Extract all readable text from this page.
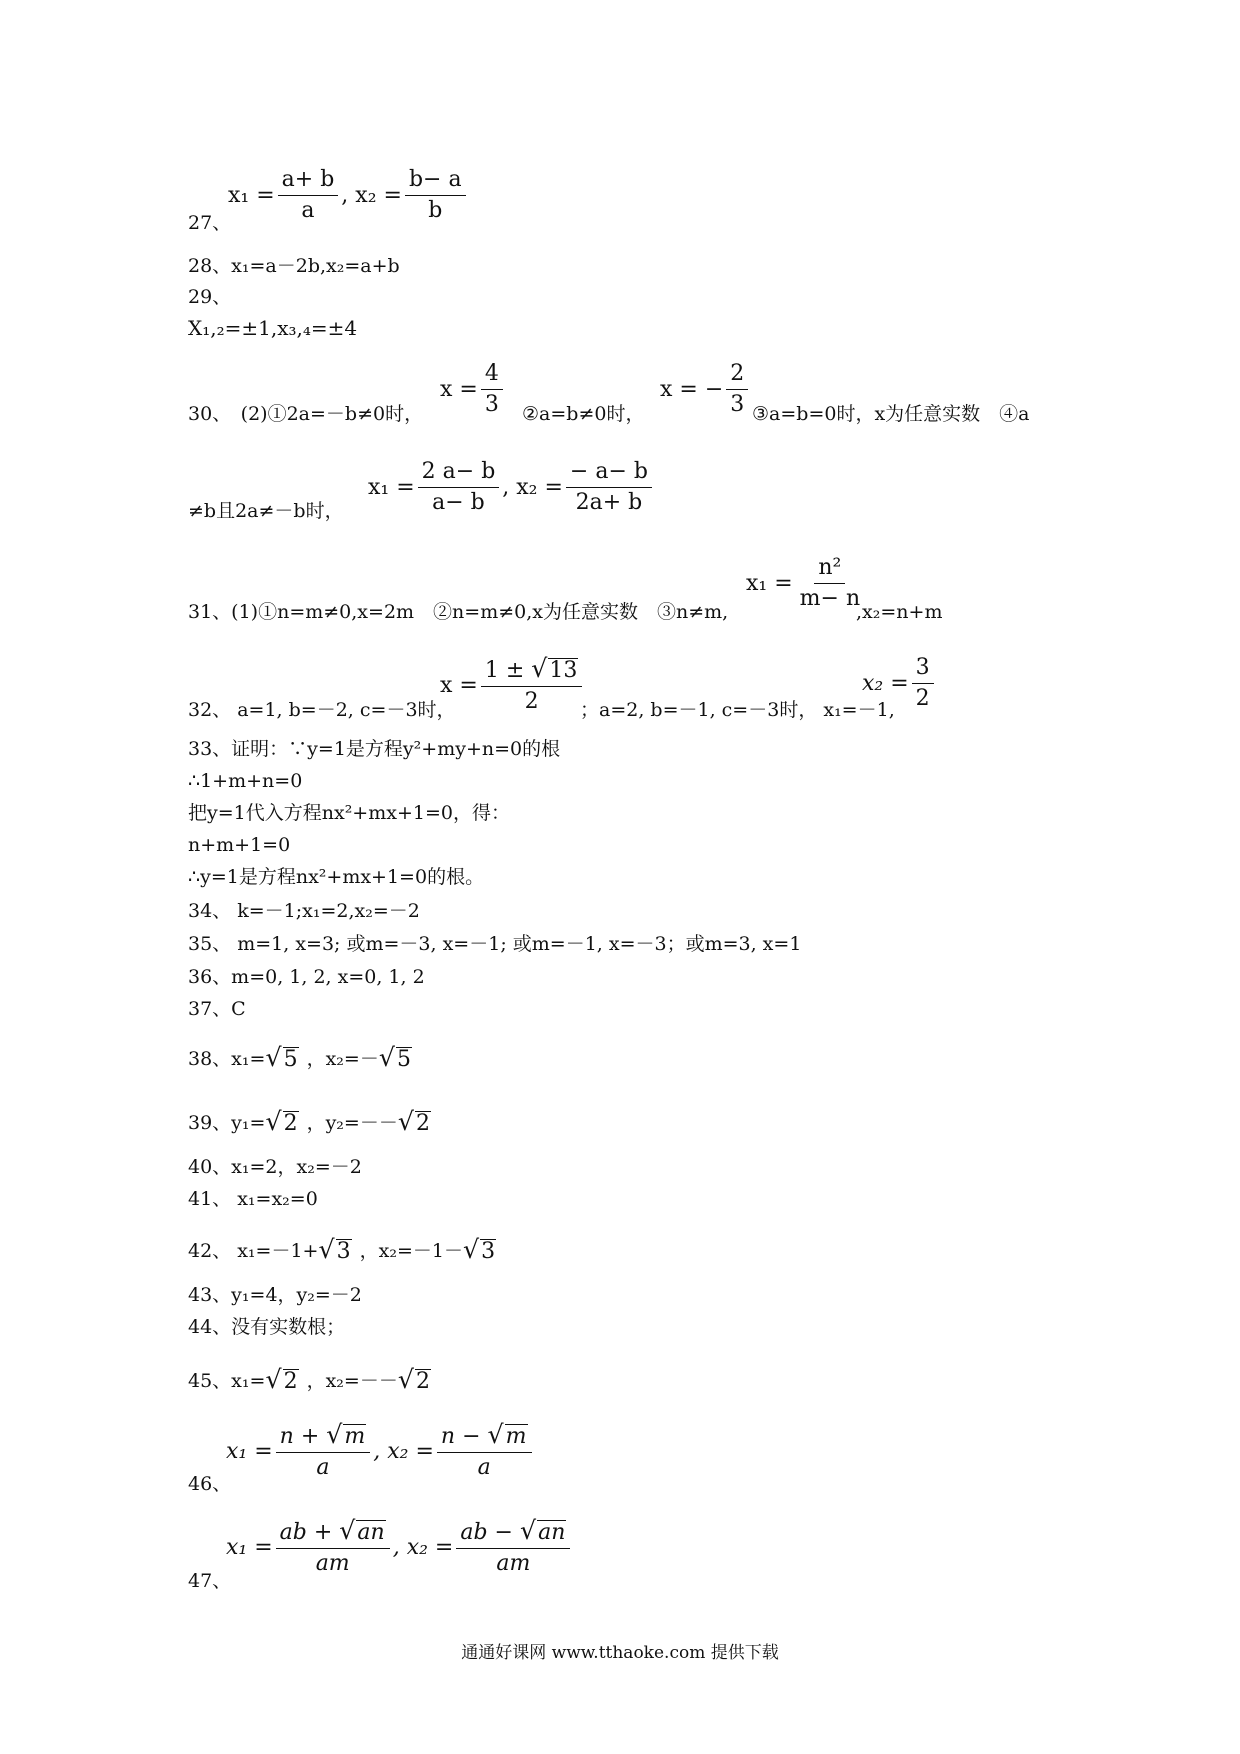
$x_1 = \frac{a+ b}{a}$ , $x_2 = \frac{b- a}{b}$
27、
28、x₁=a－2b,x₂=a+b
29、
X₁,₂=±1,x₃,₄=±4
30、　(2)①2a=－b≠0时，
$x = \frac{4}{3}$ ②a=b≠0时，
x = − $\frac{2}{3}$ ③a=b=0时，x为任意实数　④a
≠b且2a≠－b时，
$x_1 = \frac{2 a- b}{a- b}$ , $x_2 = \frac{- a- b}{2a+ b}$
31、(1)①n=m≠0,x=2m　②n=m≠0,x为任意实数　③n≠m,
$x_1 = \frac{\text{n²}}{m- n}$
,x₂=n+m
32、 a=1, b=－2, c=－3时，
$x = \frac{1 \pm √ 13}{2}$
；a=2, b=－1, c=－3时， x₁=－1,
$x_2 = \frac{3}{2}$
33、证明：∵y=1是方程y²+my+n=0的根
∴1+m+n=0
把y=1代入方程nx²+mx+1=0，得：
n+m+1=0
∴y=1是方程nx²+mx+1=0的根。
34、 k=－1;x₁=2,x₂=－2
35、 m=1, x=3; 或m=－3, x=－1; 或m=－1, x=－3；或m=3, x=1
36、m=0, 1, 2, x=0, 1, 2
37、C
38、x₁= √ 5 ，x₂=－ √ 5
39、y₁= √ 2 ，y₂=－－ √ 2
40、x₁=2，x₂=－2
41、 x₁=x₂=0
42、 x₁=－1+ √ 3 ，x₂=－1－ √ 3
43、y₁=4，y₂=－2
44、没有实数根；
45、x₁= √ 2 ，x₂=－－ √ 2
$x_1 = \frac{n + √ m}{a}$ , $x_2 = \frac{n - √ m}{a}$
46、
$x_1 = \frac{ab + √ an}{am}$ , $x_2 = \frac{ab - √ an}{am}$
47、
通通好课网 www.tthaoke.com 提供下载
